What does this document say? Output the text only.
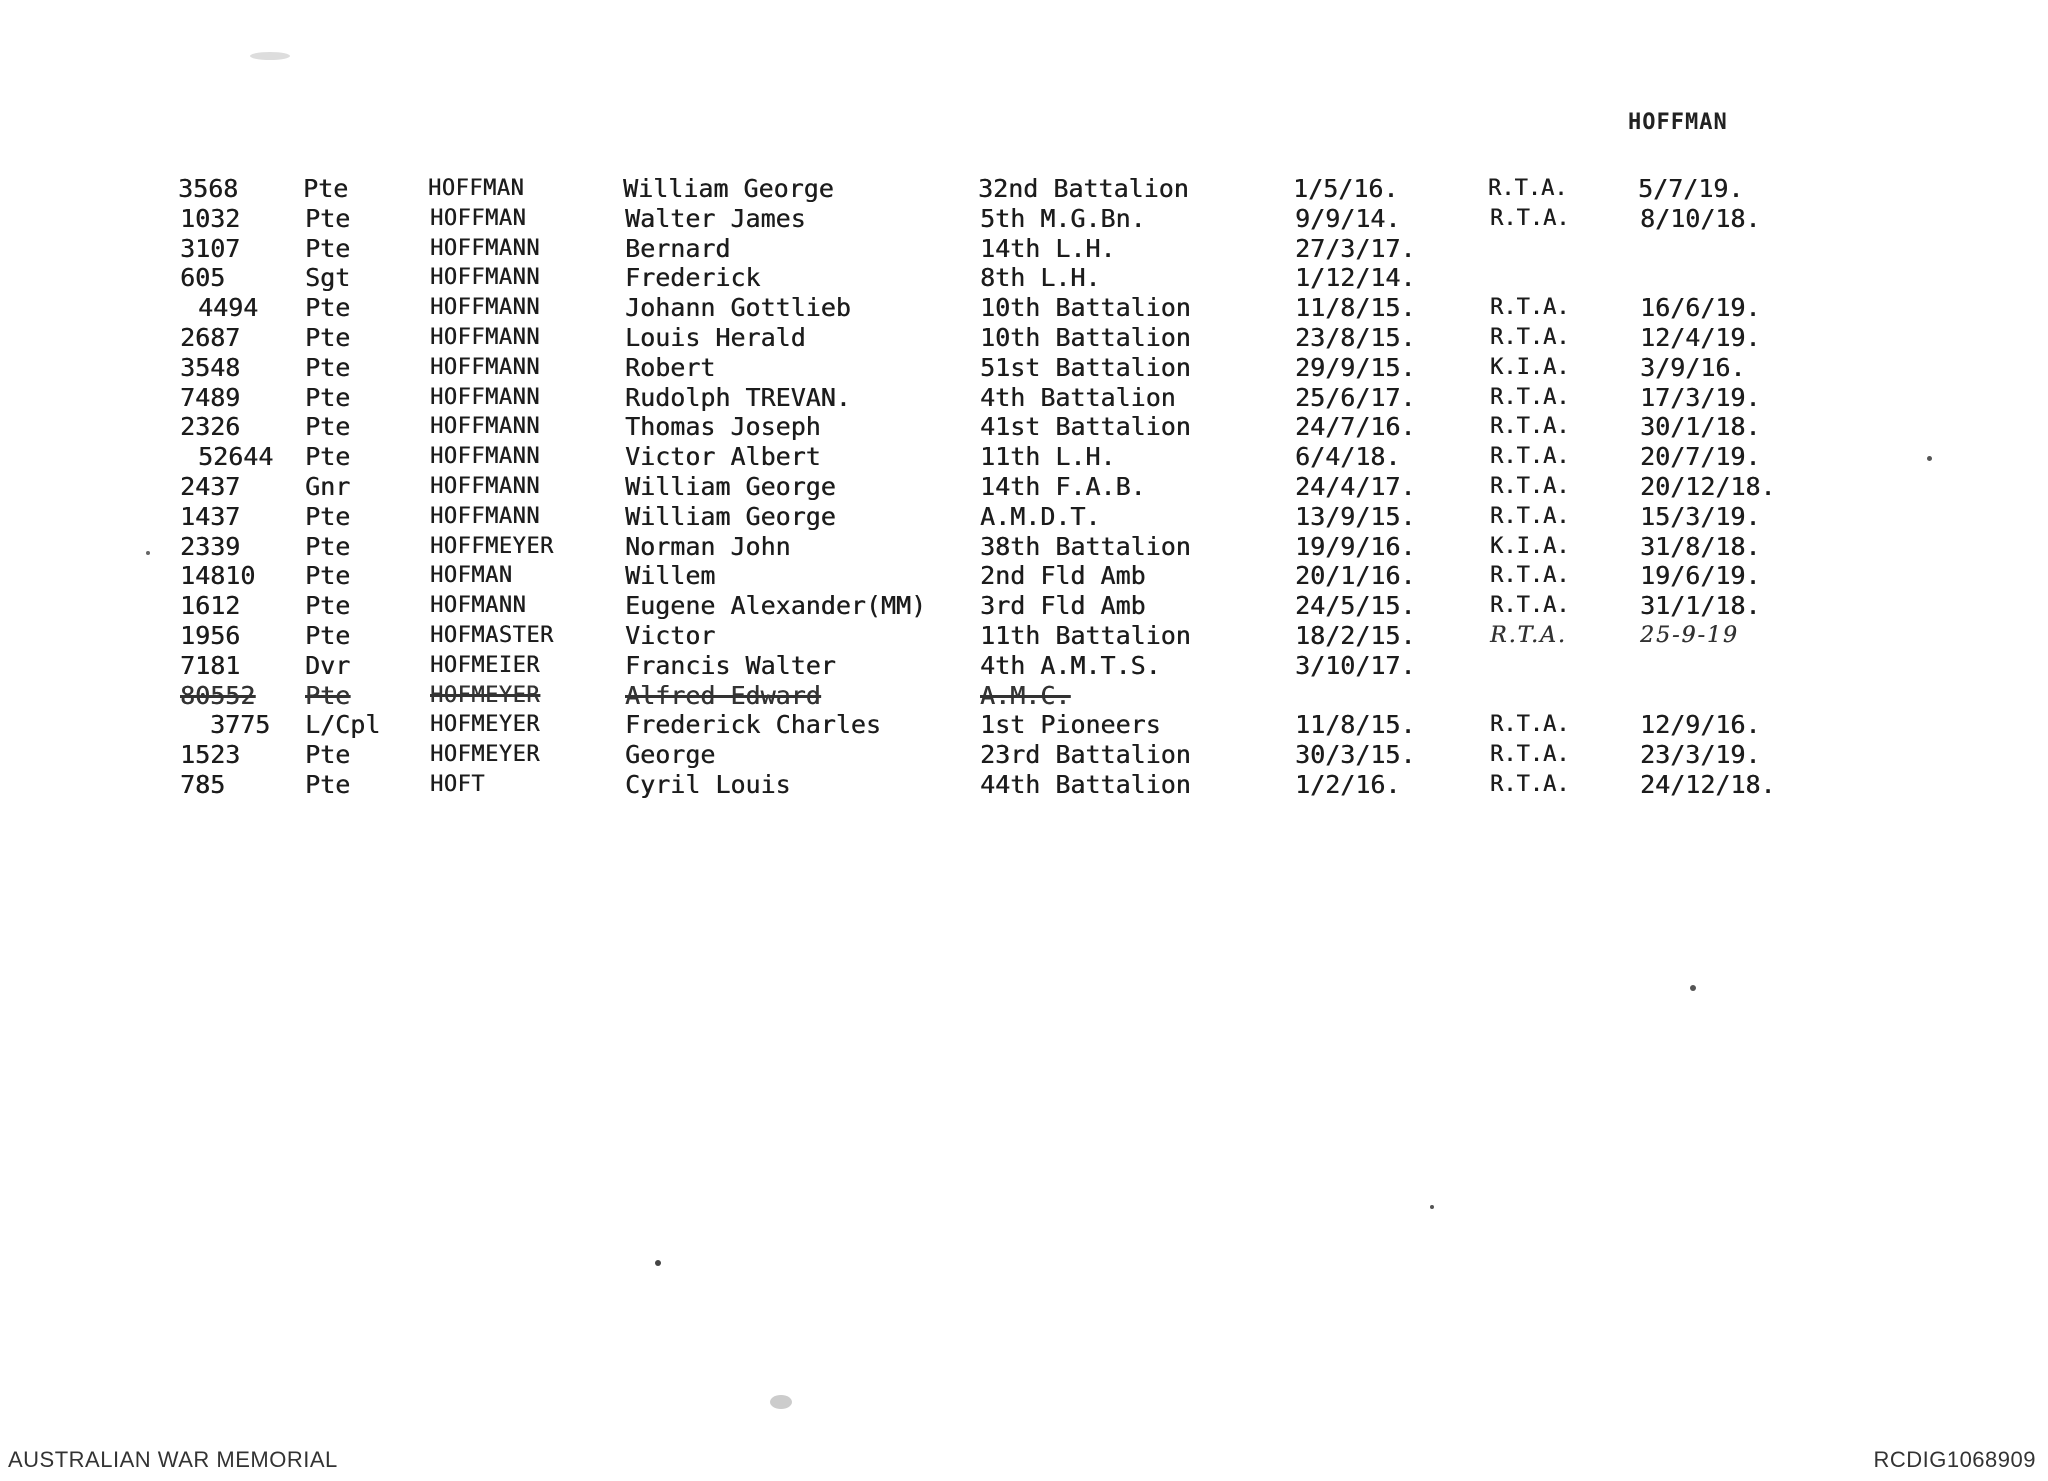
HOFFMAN
3568	Pte	HOFFMAN	William George	32nd Battalion	1/5/16.	R.T.A.	5/7/19.
1032	Pte	HOFFMAN	Walter James	5th M.G.Bn.	9/9/14.	R.T.A.	8/10/18.
3107	Pte	HOFFMANN	Bernard	14th L.H.	27/3/17.
605	Sgt	HOFFMANN	Frederick	8th L.H.	1/12/14.
4494	Pte	HOFFMANN	Johann Gottlieb	10th Battalion	11/8/15.	R.T.A.	16/6/19.
2687	Pte	HOFFMANN	Louis Herald	10th Battalion	23/8/15.	R.T.A.	12/4/19.
3548	Pte	HOFFMANN	Robert	51st Battalion	29/9/15.	K.I.A.	3/9/16.
7489	Pte	HOFFMANN	Rudolph TREVAN.	4th Battalion	25/6/17.	R.T.A.	17/3/19.
2326	Pte	HOFFMANN	Thomas Joseph	41st Battalion	24/7/16.	R.T.A.	30/1/18.
52644	Pte	HOFFMANN	Victor Albert	11th L.H.	6/4/18.	R.T.A.	20/7/19.
2437	Gnr	HOFFMANN	William George	14th F.A.B.	24/4/17.	R.T.A.	20/12/18.
1437	Pte	HOFFMANN	William George	A.M.D.T.	13/9/15.	R.T.A.	15/3/19.
2339	Pte	HOFFMEYER	Norman John	38th Battalion	19/9/16.	K.I.A.	31/8/18.
14810	Pte	HOFMAN	Willem	2nd Fld Amb	20/1/16.	R.T.A.	19/6/19.
1612	Pte	HOFMANN	Eugene Alexander(MM)	3rd Fld Amb	24/5/15.	R.T.A.	31/1/18.
1956	Pte	HOFMASTER	Victor	11th Battalion	18/2/15.	R.T.A.	25-9-19
7181	Dvr	HOFMEIER	Francis Walter	4th A.M.T.S.	3/10/17.
80552	Pte	HOFMEYER	Alfred Edward	A.M.C.
3775	L/Cpl	HOFMEYER	Frederick Charles	1st Pioneers	11/8/15.	R.T.A.	12/9/16.
1523	Pte	HOFMEYER	George	23rd Battalion	30/3/15.	R.T.A.	23/3/19.
785	Pte	HOFT	Cyril Louis	44th Battalion	1/2/16.	R.T.A.	24/12/18.
AUSTRALIAN WAR MEMORIAL	RCDIG1068909
